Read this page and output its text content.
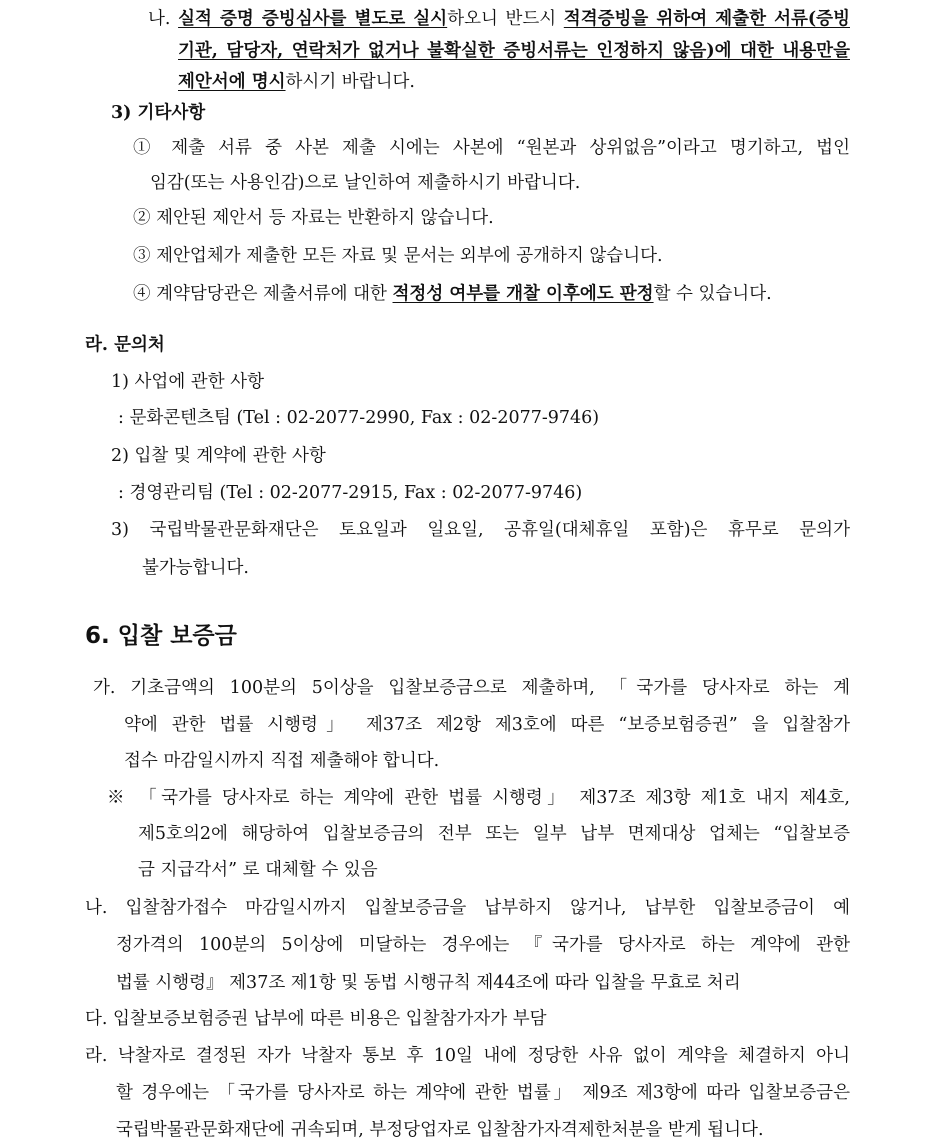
나. 실적 증명 증빙심사를 별도로 실시하오니 반드시 적격증빙을 위하여 제출한 서류(증빙
기관, 담당자, 연락처가 없거나 불확실한 증빙서류는 인정하지 않음)에 대한 내용만을
제안서에 명시하시기 바랍니다.
3) 기타사항
① 제출 서류 중 사본 제출 시에는 사본에 “원본과 상위없음”이라고 명기하고, 법인
임감(또는 사용인감)으로 날인하여 제출하시기 바랍니다.
② 제안된 제안서 등 자료는 반환하지 않습니다.
③ 제안업체가 제출한 모든 자료 및 문서는 외부에 공개하지 않습니다.
④ 계약담당관은 제출서류에 대한 적정성 여부를 개찰 이후에도 판정할 수 있습니다.
라. 문의처
1) 사업에 관한 사항
: 문화콘텐츠팀 (Tel : 02-2077-2990, Fax : 02-2077-9746)
2) 입찰 및 계약에 관한 사항
: 경영관리팀 (Tel : 02-2077-2915, Fax : 02-2077-9746)
3) 국립박물관문화재단은 토요일과 일요일, 공휴일(대체휴일 포함)은 휴무로 문의가
불가능합니다.
6. 입찰 보증금
가. 기초금액의 100분의 5이상을 입찰보증금으로 제출하며, 「국가를 당사자로 하는 계
약에 관한 법률 시행령」 제37조 제2항 제3호에 따른 “보증보험증권” 을 입찰참가
접수 마감일시까지 직접 제출해야 합니다.
※ 「국가를 당사자로 하는 계약에 관한 법률 시행령」 제37조 제3항 제1호 내지 제4호,
제5호의2에 해당하여 입찰보증금의 전부 또는 일부 납부 면제대상 업체는 “입찰보증
금 지급각서” 로 대체할 수 있음
나. 입찰참가접수 마감일시까지 입찰보증금을 납부하지 않거나, 납부한 입찰보증금이 예
정가격의 100분의 5이상에 미달하는 경우에는 『국가를 당사자로 하는 계약에 관한
법률 시행령』 제37조 제1항 및 동법 시행규칙 제44조에 따라 입찰을 무효로 처리
다. 입찰보증보험증권 납부에 따른 비용은 입찰참가자가 부담
라. 낙찰자로 결정된 자가 낙찰자 통보 후 10일 내에 정당한 사유 없이 계약을 체결하지 아니
할 경우에는 「국가를 당사자로 하는 계약에 관한 법률」 제9조 제3항에 따라 입찰보증금은
국립박물관문화재단에 귀속되며, 부정당업자로 입찰참가자격제한처분을 받게 됩니다.
